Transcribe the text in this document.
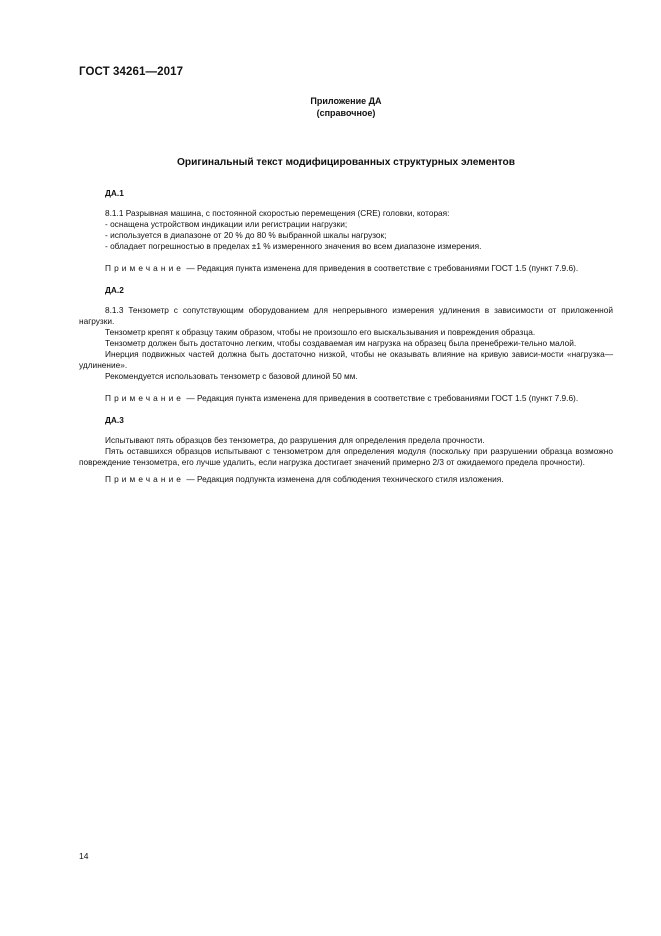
ГОСТ 34261—2017
Приложение ДА
(справочное)
Оригинальный текст модифицированных структурных элементов

ДА.1

8.1.1 Разрывная машина, с постоянной скоростью перемещения (CRE) головки, которая:

- оснащена устройством индикации или регистрации нагрузки;

- используется в диапазоне от 20 % до 80 % выбранной шкалы нагрузок;

- обладает погрешностью в пределах ±1 % измеренного значения во всем диапазоне измерения.

Примечание — Редакция пункта изменена для приведения в соответствие с требованиями ГОСТ 1.5 (пункт 7.9.6).

ДА.2

8.1.3 Тензометр с сопутствующим оборудованием для непрерывного измерения удлинения в зависимости от приложенной нагрузки.

Тензометр крепят к образцу таким образом, чтобы не произошло его выскальзывания и повреждения образца.

Тензометр должен быть достаточно легким, чтобы создаваемая им нагрузка на образец была пренебрежи-тельно малой.

Инерция подвижных частей должна быть достаточно низкой, чтобы не оказывать влияние на кривую зависи-мости «нагрузка—удлинение».

Рекомендуется использовать тензометр с базовой длиной 50 мм.

Примечание — Редакция пункта изменена для приведения в соответствие с требованиями ГОСТ 1.5 (пункт 7.9.6).

ДА.3

Испытывают пять образцов без тензометра, до разрушения для определения предела прочности.

Пять оставшихся образцов испытывают с тензометром для определения модуля (поскольку при разрушении образца возможно повреждение тензометра, его лучше удалить, если нагрузка достигает значений примерно 2/3 от ожидаемого предела прочности).

Примечание — Редакция подпункта изменена для соблюдения технического стиля изложения.

14
